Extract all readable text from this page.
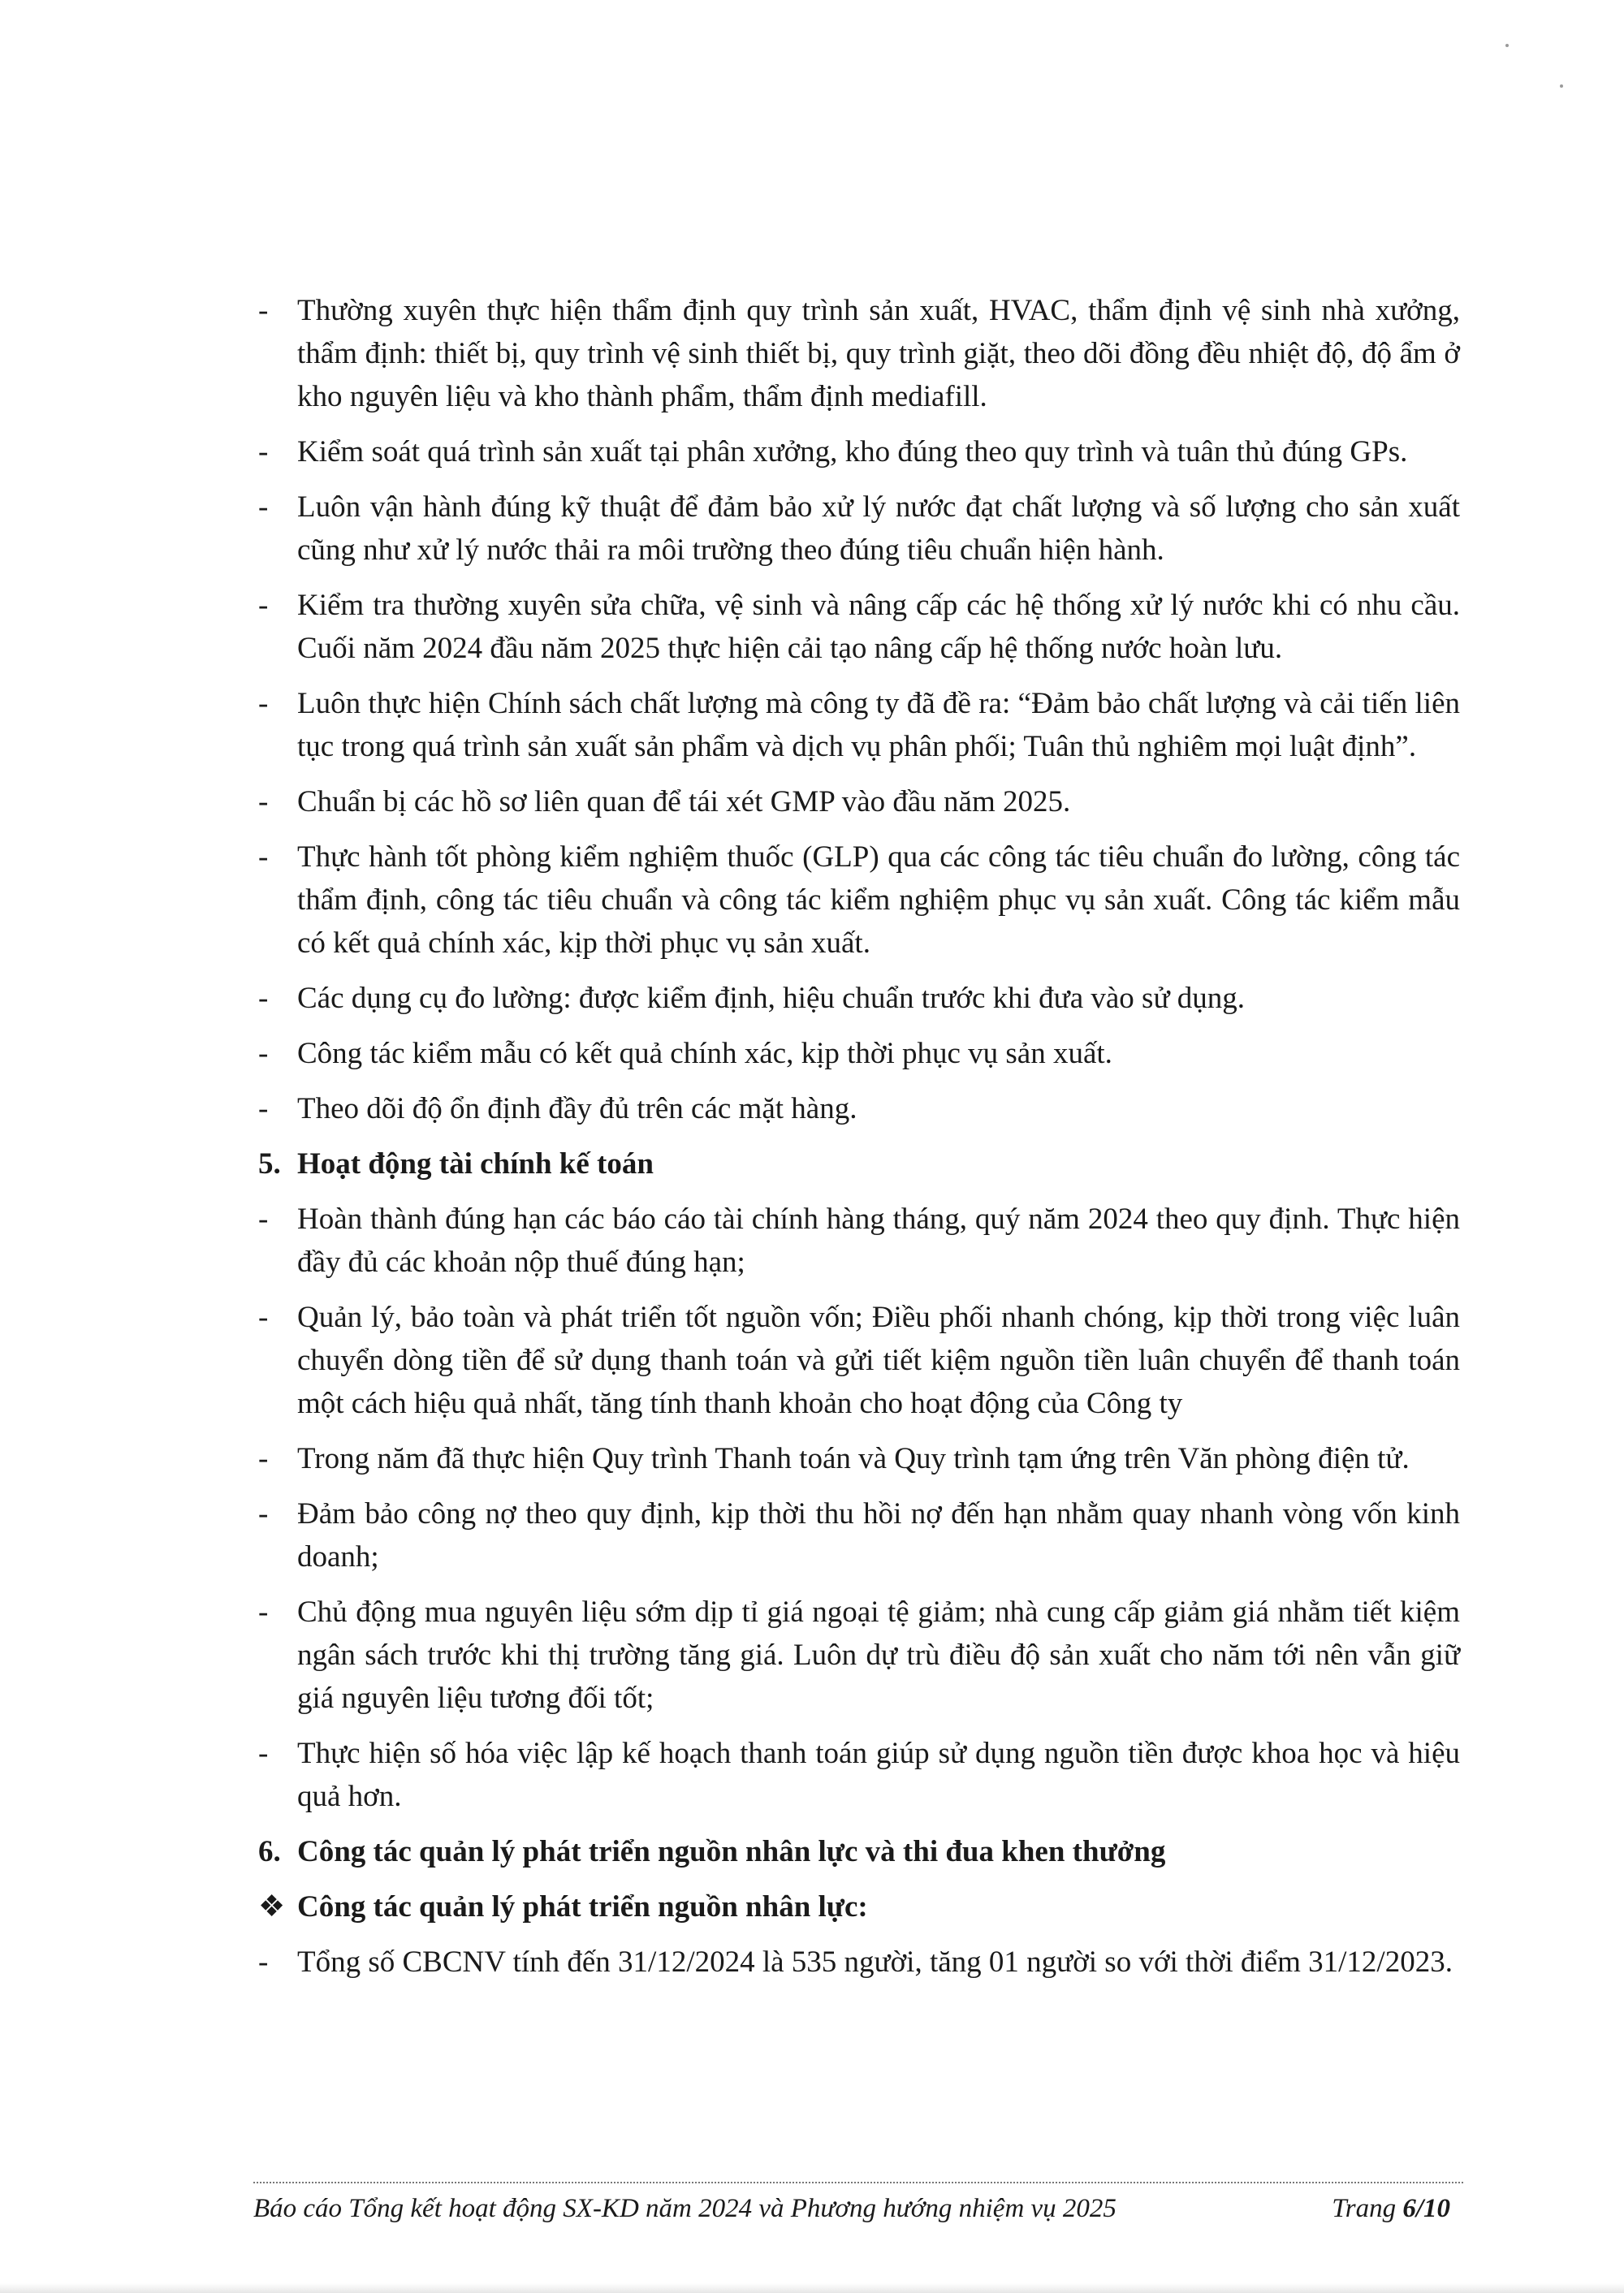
- Thường xuyên thực hiện thẩm định quy trình sản xuất, HVAC, thẩm định vệ sinh nhà xưởng, thẩm định: thiết bị, quy trình vệ sinh thiết bị, quy trình giặt, theo dõi đồng đều nhiệt độ, độ ẩm ở kho nguyên liệu và kho thành phẩm, thẩm định mediafill.
- Kiểm soát quá trình sản xuất tại phân xưởng, kho đúng theo quy trình và tuân thủ đúng GPs.
- Luôn vận hành đúng kỹ thuật để đảm bảo xử lý nước đạt chất lượng và số lượng cho sản xuất cũng như xử lý nước thải ra môi trường theo đúng tiêu chuẩn hiện hành.
- Kiểm tra thường xuyên sửa chữa, vệ sinh và nâng cấp các hệ thống xử lý nước khi có nhu cầu. Cuối năm 2024 đầu năm 2025 thực hiện cải tạo nâng cấp hệ thống nước hoàn lưu.
- Luôn thực hiện Chính sách chất lượng mà công ty đã đề ra: “Đảm bảo chất lượng và cải tiến liên tục trong quá trình sản xuất sản phẩm và dịch vụ phân phối; Tuân thủ nghiêm mọi luật định”.
- Chuẩn bị các hồ sơ liên quan để tái xét GMP vào đầu năm 2025.
- Thực hành tốt phòng kiểm nghiệm thuốc (GLP) qua các công tác tiêu chuẩn đo lường, công tác thẩm định, công tác tiêu chuẩn và công tác kiểm nghiệm phục vụ sản xuất. Công tác kiểm mẫu có kết quả chính xác, kịp thời phục vụ sản xuất.
- Các dụng cụ đo lường: được kiểm định, hiệu chuẩn trước khi đưa vào sử dụng.
- Công tác kiểm mẫu có kết quả chính xác, kịp thời phục vụ sản xuất.
- Theo dõi độ ổn định đầy đủ trên các mặt hàng.
5. Hoạt động tài chính kế toán
- Hoàn thành đúng hạn các báo cáo tài chính hàng tháng, quý năm 2024 theo quy định. Thực hiện đầy đủ các khoản nộp thuế đúng hạn;
- Quản lý, bảo toàn và phát triển tốt nguồn vốn; Điều phối nhanh chóng, kịp thời trong việc luân chuyển dòng tiền để sử dụng thanh toán và gửi tiết kiệm nguồn tiền luân chuyển để thanh toán một cách hiệu quả nhất, tăng tính thanh khoản cho hoạt động của Công ty
- Trong năm đã thực hiện Quy trình Thanh toán và Quy trình tạm ứng trên Văn phòng điện tử.
- Đảm bảo công nợ theo quy định, kịp thời thu hồi nợ đến hạn nhằm quay nhanh vòng vốn kinh doanh;
- Chủ động mua nguyên liệu sớm dịp tỉ giá ngoại tệ giảm; nhà cung cấp giảm giá nhằm tiết kiệm ngân sách trước khi thị trường tăng giá. Luôn dự trù điều độ sản xuất cho năm tới nên vẫn giữ giá nguyên liệu tương đối tốt;
- Thực hiện số hóa việc lập kế hoạch thanh toán giúp sử dụng nguồn tiền được khoa học và hiệu quả hơn.
6. Công tác quản lý phát triển nguồn nhân lực và thi đua khen thưởng
❖ Công tác quản lý phát triển nguồn nhân lực:
- Tổng số CBCNV tính đến 31/12/2024 là 535 người, tăng 01 người so với thời điểm 31/12/2023.
Báo cáo Tổng kết hoạt động SX-KD năm 2024 và Phương hướng nhiệm vụ 2025	Trang 6/10
